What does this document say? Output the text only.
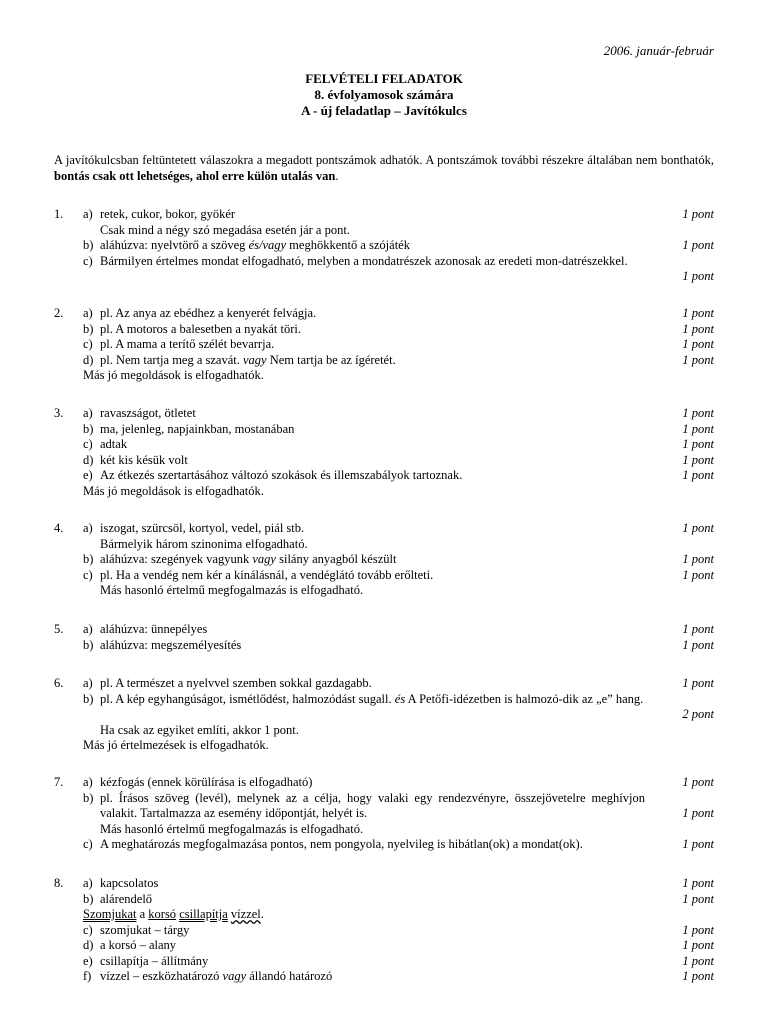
2006. január-február
FELVÉTELI FELADATOK
8. évfolyamosok számára
A - új feladatlap – Javítókulcs
A javítókulcsban feltüntetett válaszokra a megadott pontszámok adhatók. A pontszámok további részekre általában nem bonthatók, bontás csak ott lehetséges, ahol erre külön utalás van.
1. a) retek, cukor, bokor, gyökér	1 pont
Csak mind a négy szó megadása esetén jár a pont.
b) aláhúzva: nyelvtörő a szöveg és/vagy meghökkentő a szójáték	1 pont
c) Bármilyen értelmes mondat elfogadható, melyben a mondatrészek azonosak az eredeti mon-datrészekkel.
1 pont
2. a) pl. Az anya az ebédhez a kenyerét felvágja.	1 pont
b) pl. A motoros a balesetben a nyakát töri.	1 pont
c) pl. A mama a terítő szélét bevarrja.	1 pont
d) pl. Nem tartja meg a szavát. vagy Nem tartja be az ígéretét.	1 pont
Más jó megoldások is elfogadhatók.
3. a) ravaszságot, ötletet	1 pont
b) ma, jelenleg, napjainkban, mostanában	1 pont
c) adtak	1 pont
d) két kis késük volt	1 pont
e) Az étkezés szertartásához változó szokások és illemszabályok tartoznak.	1 pont
Más jó megoldások is elfogadhatók.
4. a) iszogat, szürcsöl, kortyol, vedel, piál stb.	1 pont
Bármelyik három szinonima elfogadható.
b) aláhúzva: szegények vagyunk vagy silány anyagból készült	1 pont
c) pl. Ha a vendég nem kér a kínálásnál, a vendéglátó tovább erőlteti.	1 pont
Más hasonló értelmű megfogalmazás is elfogadható.
5. a) aláhúzva: ünnepélyes	1 pont
b) aláhúzva: megszemélyesítés	1 pont
6. a) pl. A természet a nyelvvel szemben sokkal gazdagabb.	1 pont
b) pl. A kép egyhangúságot, ismétlődést, halmozódást sugall. és A Petőfi-idézetben is halmozó-dik az „e” hang.
2 pont
Ha csak az egyiket említi, akkor 1 pont.
Más jó értelmezések is elfogadhatók.
7. a) kézfogás (ennek körülírása is elfogadható)	1 pont
b) pl. Írásos szöveg (levél), melynek az a célja, hogy valaki egy rendezvényre, összejövetelre meghívjon valakit. Tartalmazza az esemény időpontját, helyét is.	1 pont
Más hasonló értelmű megfogalmazás is elfogadható.
c) A meghatározás megfogalmazása pontos, nem pongyola, nyelvileg is hibátlan(ok) a mondat(ok).	1 pont
8. a) kapcsolatos	1 pont
b) alárendelő	1 pont
Szomjukat a korsó csillapítja vízzel.
c) szomjukat – tárgy	1 pont
d) a korsó – alany	1 pont
e) csillapítja – állítmány	1 pont
f) vízzel – eszközhatározó vagy állandó határozó	1 pont
